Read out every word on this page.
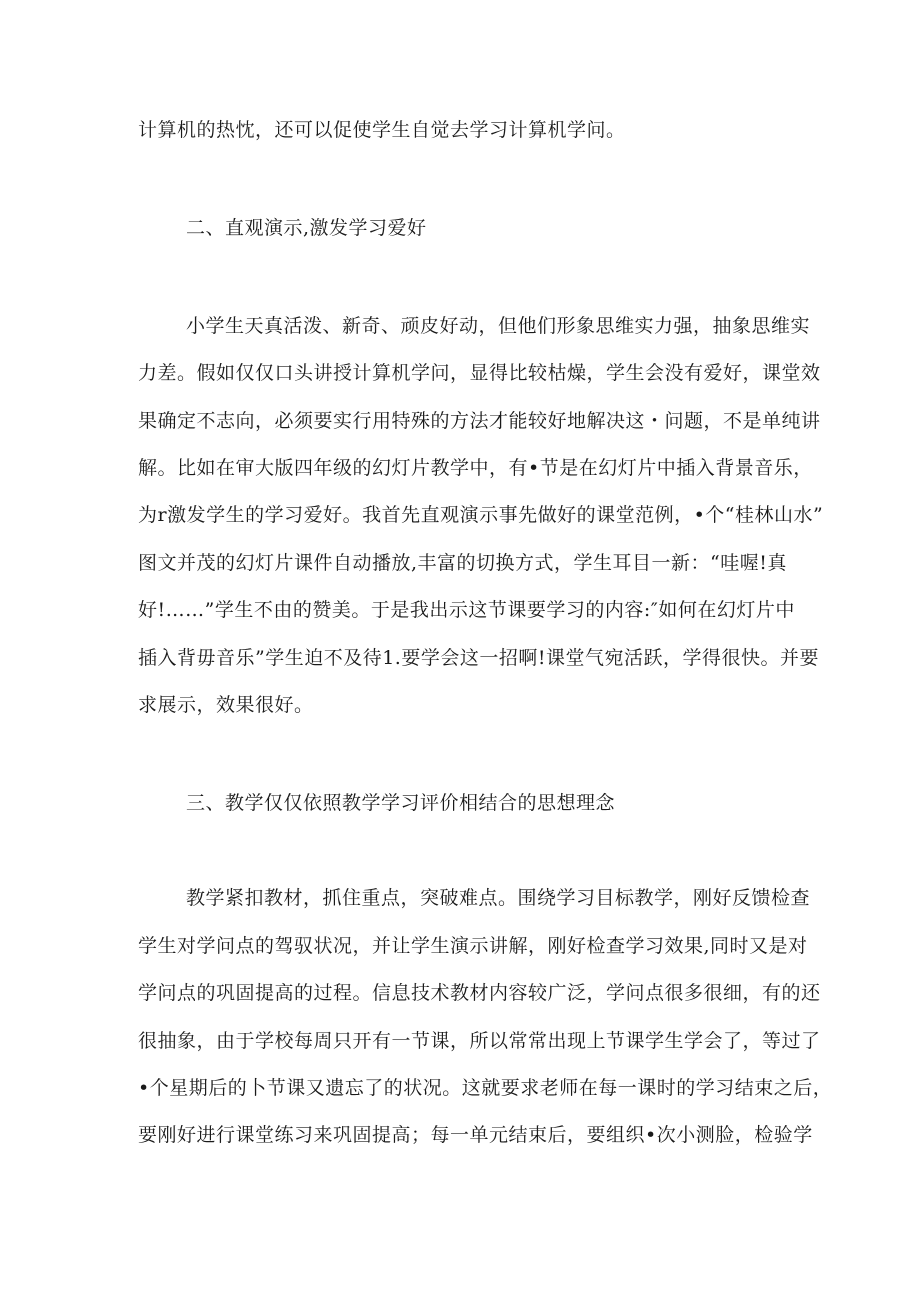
计算机的热忱，还可以促使学生自觉去学习计算机学问。
二、直观演示,激发学习爱好
小学生天真活泼、新奇、顽皮好动，但他们形象思维实力强，抽象思维实
力差。假如仅仅口头讲授计算机学问，显得比较枯燥，学生会没有爱好，课堂效
果确定不志向，必须要实行用特殊的方法才能较好地解决这・问题，不是单纯讲
解。比如在审大版四年级的幻灯片教学中，有•节是在幻灯片中插入背景音乐，
为r激发学生的学习爱好。我首先直观演示事先做好的课堂范例，•个“桂林山水”
图文并茂的幻灯片课件自动播放,丰富的切换方式，学生耳目一新：“哇喔!真
好!……”学生不由的赞美。于是我出示这节课要学习的内容:″如何在幻灯片中
插入背毋音乐”学生迫不及待1.要学会这一招啊!课堂气宛活跃，学得很快。并要
求展示，效果很好。
三、教学仅仅依照教学学习评价相结合的思想理念
教学紧扣教材，抓住重点，突破难点。围绕学习目标教学，刚好反馈检查
学生对学问点的驾驭状况，并让学生演示讲解，刚好检查学习效果,同时又是对
学问点的巩固提高的过程。信息技术教材内容较广泛，学问点很多很细，有的还
很抽象，由于学校每周只开有一节课，所以常常出现上节课学生学会了，等过了
•个星期后的卜节课又遗忘了的状况。这就要求老师在每一课时的学习结束之后，
要刚好进行课堂练习来巩固提高；每一单元结束后，要组织•次小测脸，检验学
